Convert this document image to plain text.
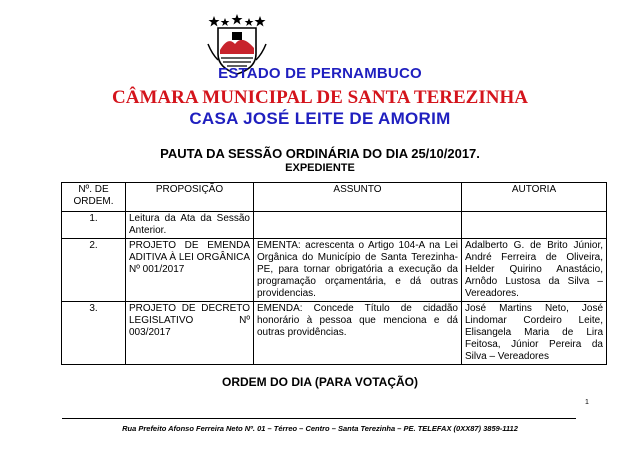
ESTADO DE PERNAMBUCO
CÂMARA MUNICIPAL DE SANTA TEREZINHA
CASA JOSÉ LEITE DE AMORIM
PAUTA DA SESSÃO ORDINÁRIA DO DIA 25/10/2017.
EXPEDIENTE
Nº. DE ORDEM.	PROPOSIÇÃO	ASSUNTO	AUTORIA
1.	Leitura da Ata da Sessão Anterior.		
2.	PROJETO DE EMENDA ADITIVA À LEI ORGÂNICA Nº 001/2017	EMENTA: acrescenta o Artigo 104-A na Lei Orgânica do Município de Santa Terezinha- PE, para tornar obrigatória a execução da programação orçamentária, e dá outras providencias.	Adalberto G. de Brito Júnior, André Ferreira de Oliveira, Helder Quirino Anastácio, Arnôdo Lustosa da Silva – Vereadores.
3.	PROJETO DE DECRETO LEGISLATIVO Nº 003/2017	EMENDA: Concede Título de cidadão honorário à pessoa que menciona e dá outras providências.	José Martins Neto, José Lindomar Cordeiro Leite, Elisangela Maria de Lira Feitosa, Júnior Pereira da Silva – Vereadores
ORDEM DO DIA (PARA VOTAÇÃO)
1
Rua Prefeito Afonso Ferreira Neto Nº. 01 – Térreo – Centro – Santa Terezinha – PE. TELEFAX (0XX87) 3859-1112
